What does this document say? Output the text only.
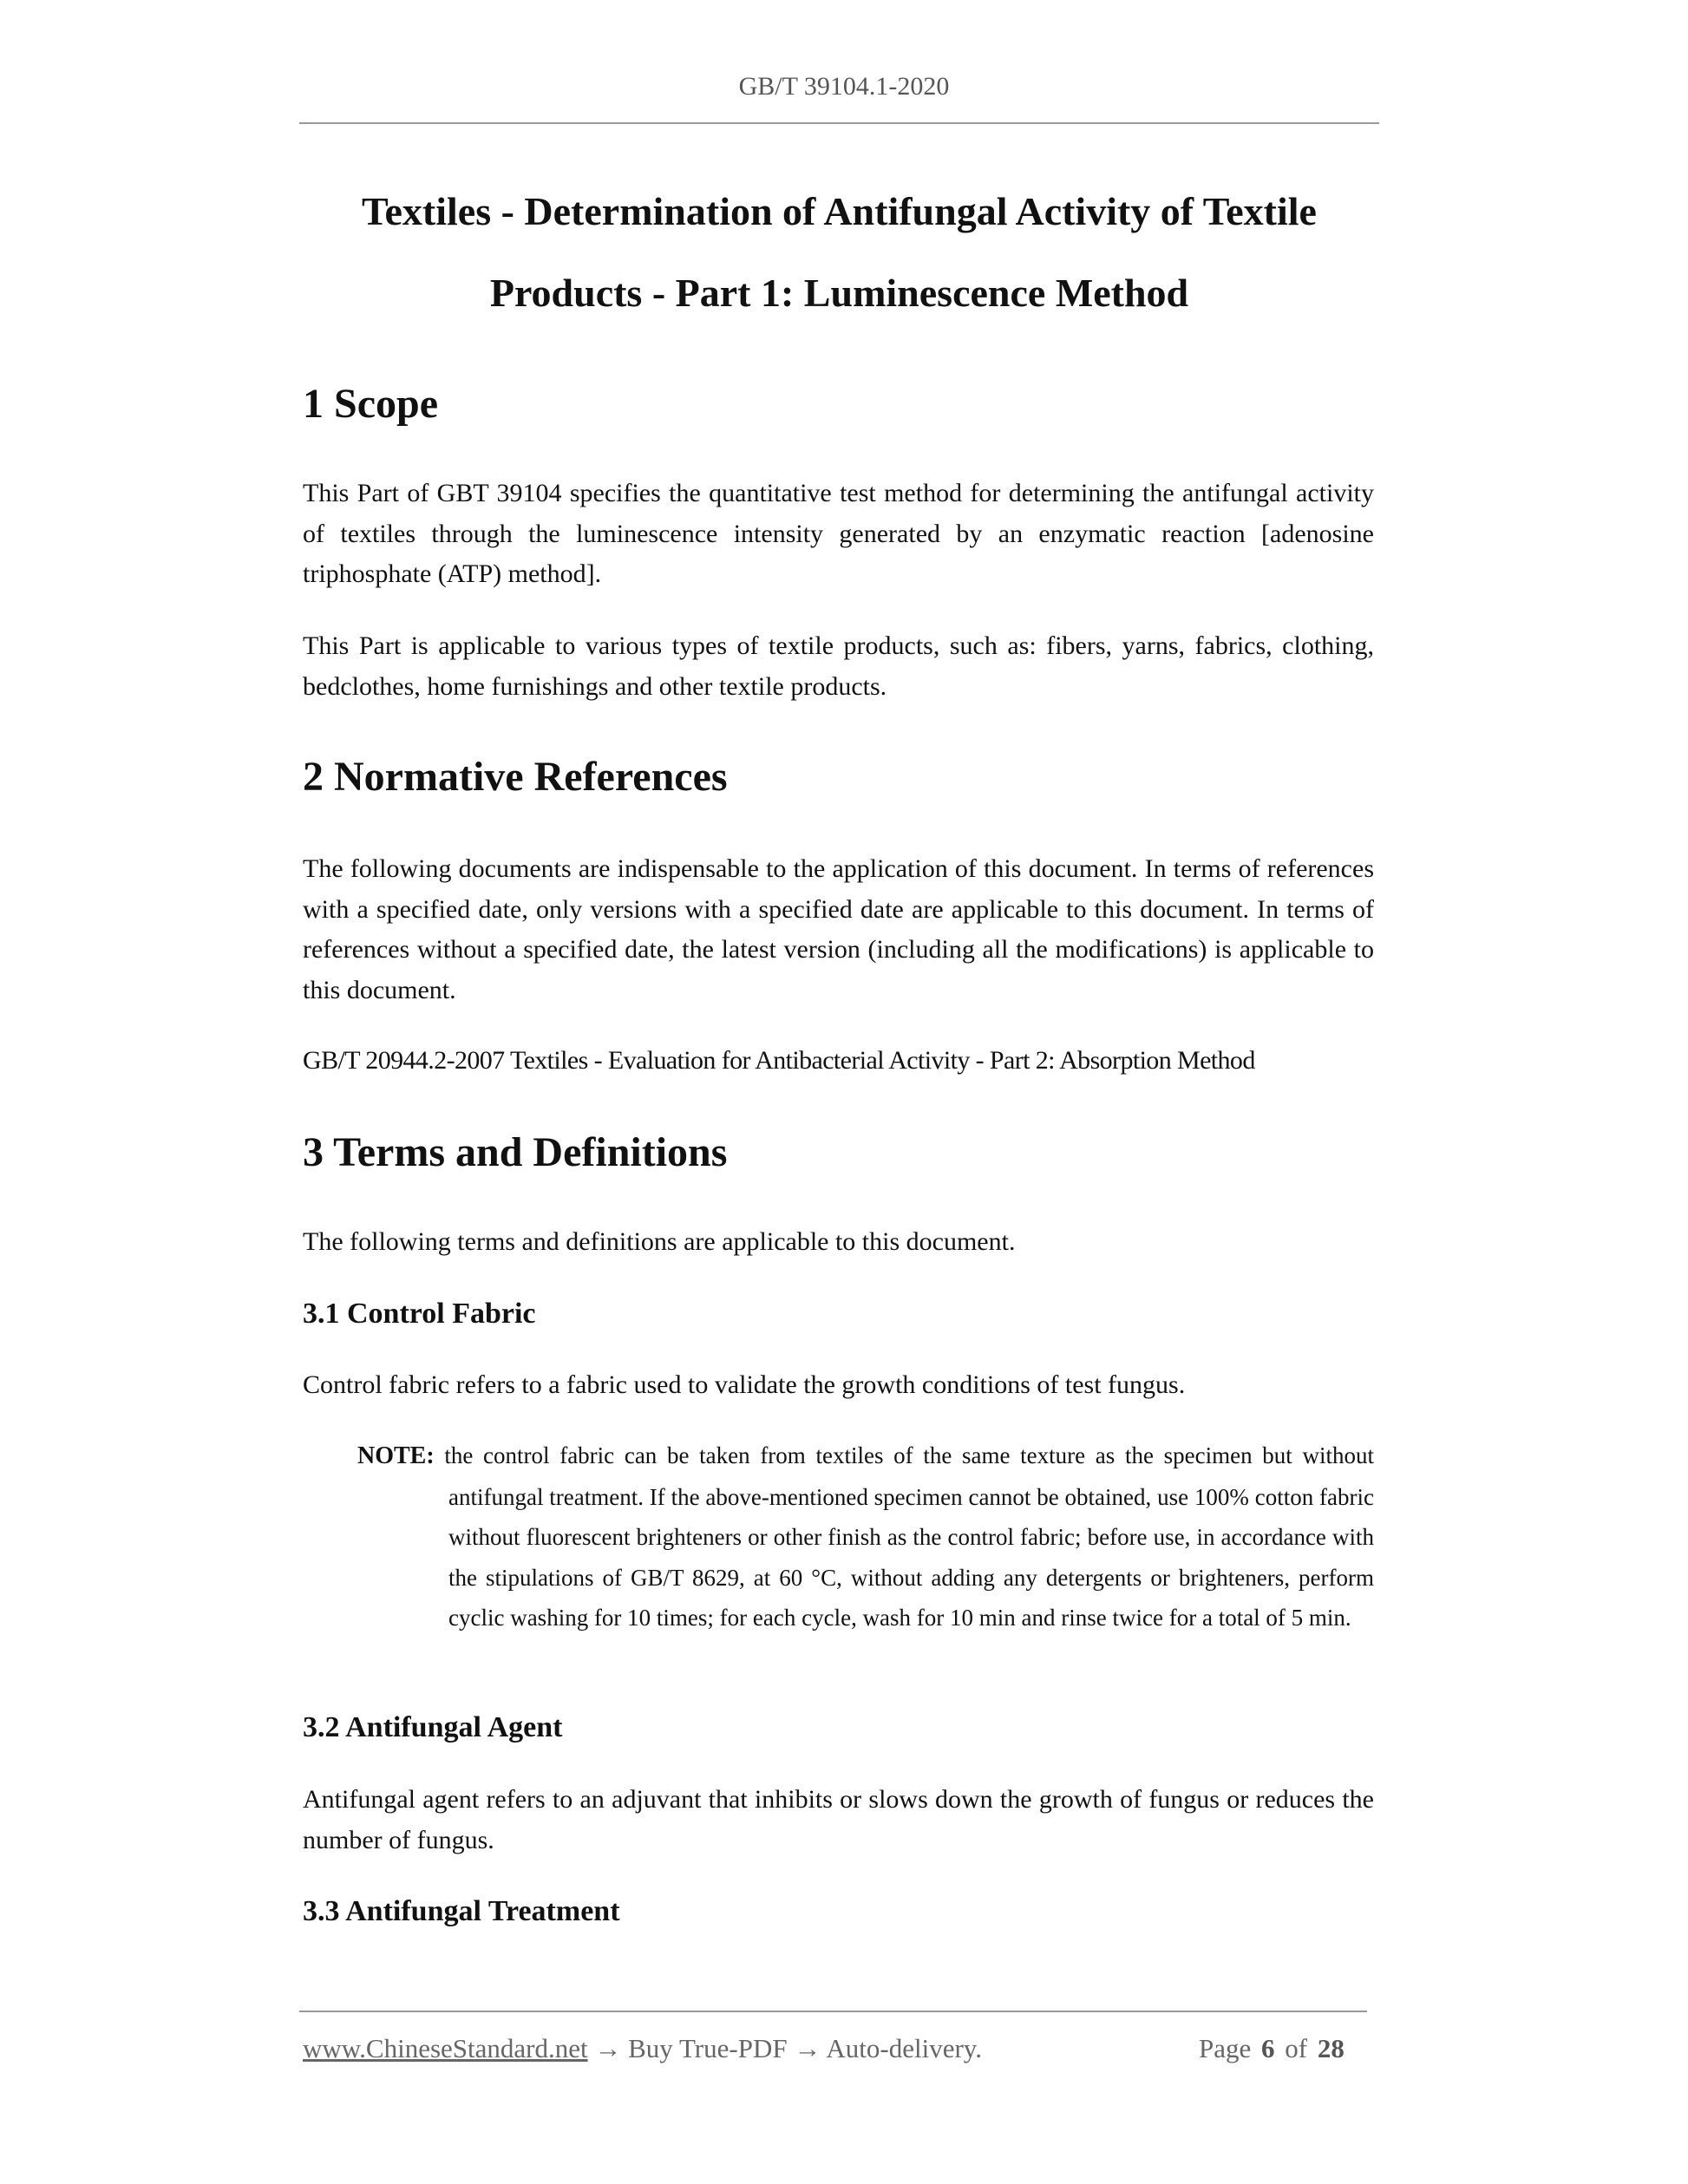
GB/T 39104.1-2020
Textiles - Determination of Antifungal Activity of Textile
Products - Part 1: Luminescence Method
1 Scope
This Part of GBT 39104 specifies the quantitative test method for determining the antifungal activity of textiles through the luminescence intensity generated by an enzymatic reaction [adenosine triphosphate (ATP) method].
This Part is applicable to various types of textile products, such as: fibers, yarns, fabrics, clothing, bedclothes, home furnishings and other textile products.
2 Normative References
The following documents are indispensable to the application of this document. In terms of references with a specified date, only versions with a specified date are applicable to this document. In terms of references without a specified date, the latest version (including all the modifications) is applicable to this document.
GB/T 20944.2-2007 Textiles - Evaluation for Antibacterial Activity - Part 2: Absorption Method
3 Terms and Definitions
The following terms and definitions are applicable to this document.
3.1 Control Fabric
Control fabric refers to a fabric used to validate the growth conditions of test fungus.
NOTE: the control fabric can be taken from textiles of the same texture as the specimen but without antifungal treatment. If the above-mentioned specimen cannot be obtained, use 100% cotton fabric without fluorescent brighteners or other finish as the control fabric; before use, in accordance with the stipulations of GB/T 8629, at 60 °C, without adding any detergents or brighteners, perform cyclic washing for 10 times; for each cycle, wash for 10 min and rinse twice for a total of 5 min.
3.2 Antifungal Agent
Antifungal agent refers to an adjuvant that inhibits or slows down the growth of fungus or reduces the number of fungus.
3.3 Antifungal Treatment
www.ChineseStandard.net → Buy True-PDF → Auto-delivery.	Page 6 of 28
